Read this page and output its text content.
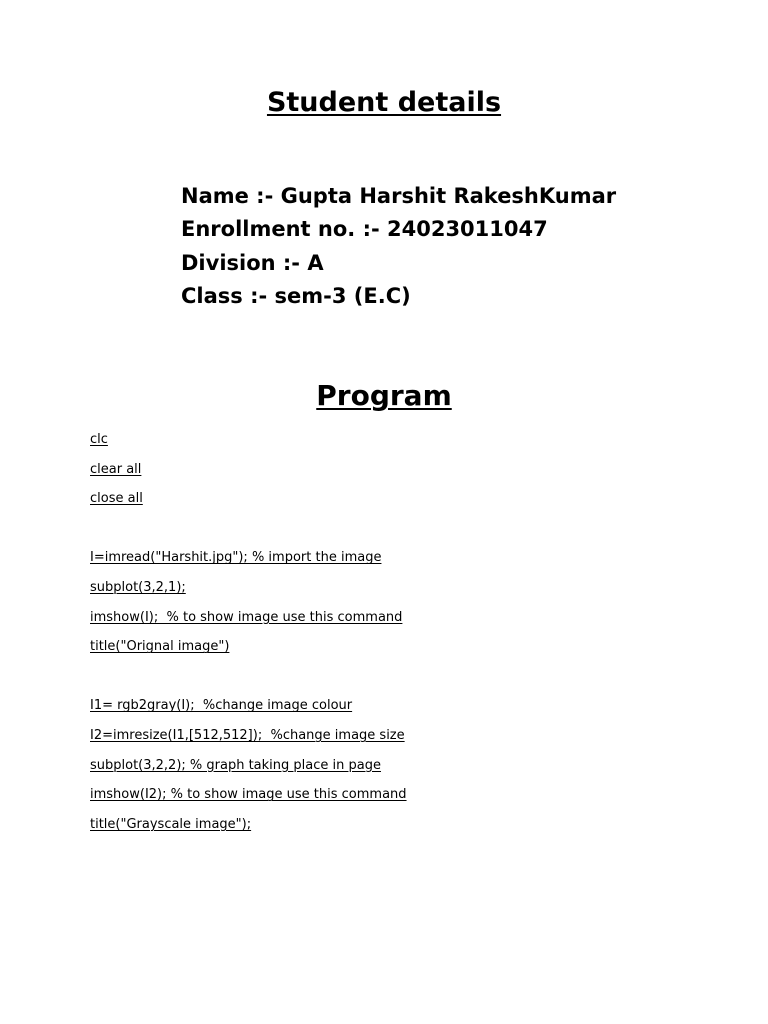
Student details
Name :- Gupta Harshit RakeshKumar
Enrollment no. :- 24023011047
Division :- A
Class :- sem-3 (E.C)
Program
clc
clear all
close all
I=imread("Harshit.jpg"); % import the image
subplot(3,2,1);
imshow(I);  % to show image use this command
title("Orignal image")
I1= rgb2gray(I);  %change image colour
I2=imresize(I1,[512,512]);  %change image size
subplot(3,2,2); % graph taking place in page
imshow(I2); % to show image use this command
title("Grayscale image");
